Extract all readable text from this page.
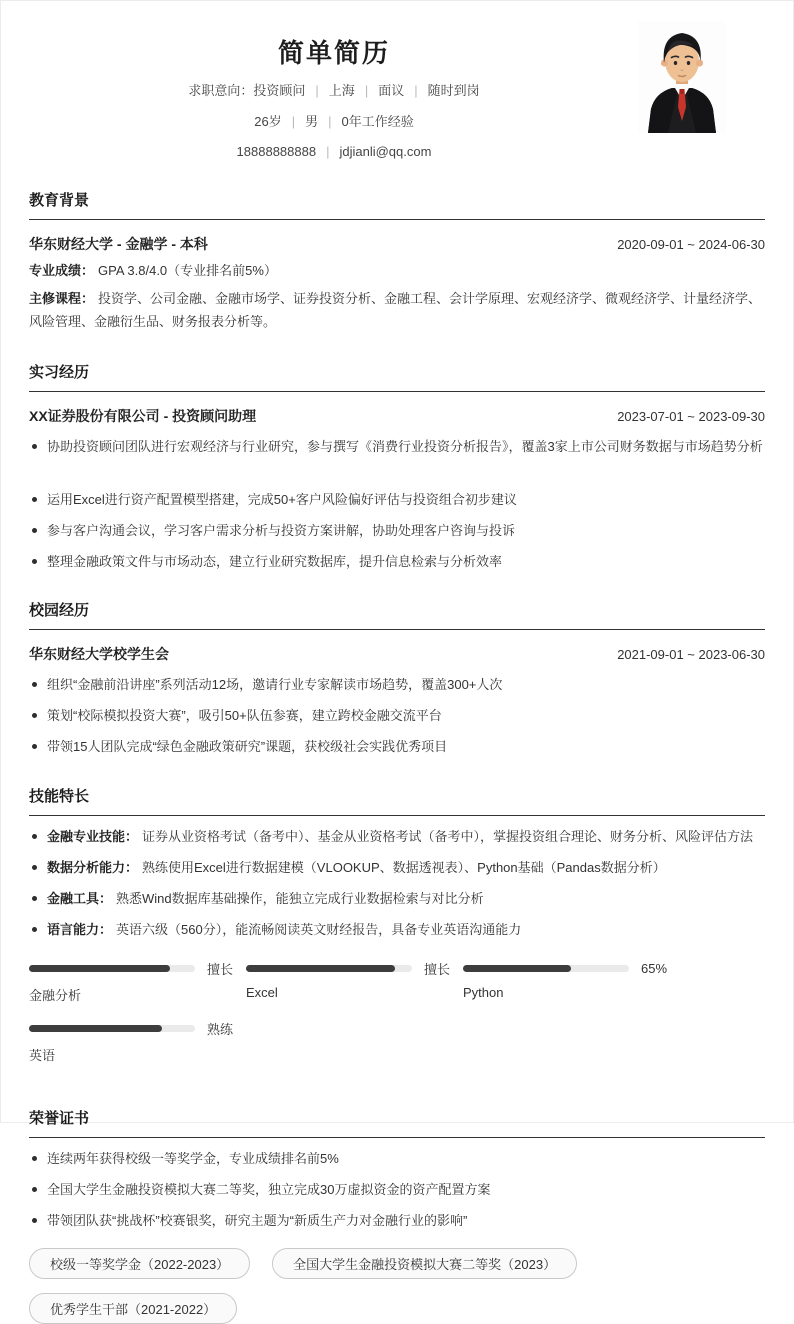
简单简历
求职意向：投资顾问 | 上海 | 面议 | 随时到岗
26岁 | 男 | 0年工作经验
18888888888 | jdjianli@qq.com
教育背景
华东财经大学 - 金融学 - 本科	2020-09-01 ~ 2024-06-30
专业成绩： GPA 3.8/4.0（专业排名前5%）
主修课程： 投资学、公司金融、金融市场学、证券投资分析、金融工程、会计学原理、宏观经济学、微观经济学、计量经济学、风险管理、金融衍生品、财务报表分析等。
实习经历
XX证券股份有限公司 - 投资顾问助理	2023-07-01 ~ 2023-09-30
协助投资顾问团队进行宏观经济与行业研究，参与撰写《消费行业投资分析报告》，覆盖3家上市公司财务数据与市场趋势分析
运用Excel进行资产配置模型搭建，完成50+客户风险偏好评估与投资组合初步建议
参与客户沟通会议，学习客户需求分析与投资方案讲解，协助处理客户咨询与投诉
整理金融政策文件与市场动态，建立行业研究数据库，提升信息检索与分析效率
校园经历
华东财经大学校学生会	2021-09-01 ~ 2023-06-30
组织“金融前沿讲座”系列活动12场，邀请行业专家解读市场趋势，覆盖300+人次
策划“校际模拟投资大赛”，吸引50+队伍参赛，建立跨校金融交流平台
带领15人团队完成“绿色金融政策研究”课题，获校级社会实践优秀项目
技能特长
金融专业技能： 证券从业资格考试（备考中）、基金从业资格考试（备考中），掌握投资组合理论、财务分析、风险评估方法
数据分析能力： 熟练使用Excel进行数据建模（VLOOKUP、数据透视表）、Python基础（Pandas数据分析）
金融工具： 熟悉Wind数据库基础操作，能独立完成行业数据检索与对比分析
语言能力： 英语六级（560分），能流畅阅读英文财经报告，具备专业英语沟通能力
擅长
金融分析
擅长
Excel
65%
Python
熟练
英语
荣誉证书
连续两年获得校级一等奖学金，专业成绩排名前5%
全国大学生金融投资模拟大赛二等奖，独立完成30万虚拟资金的资产配置方案
带领团队获“挑战杯”校赛银奖，研究主题为“新质生产力对金融行业的影响”
校级一等奖学金（2022-2023）	全国大学生金融投资模拟大赛二等奖（2023）
优秀学生干部（2021-2022）
